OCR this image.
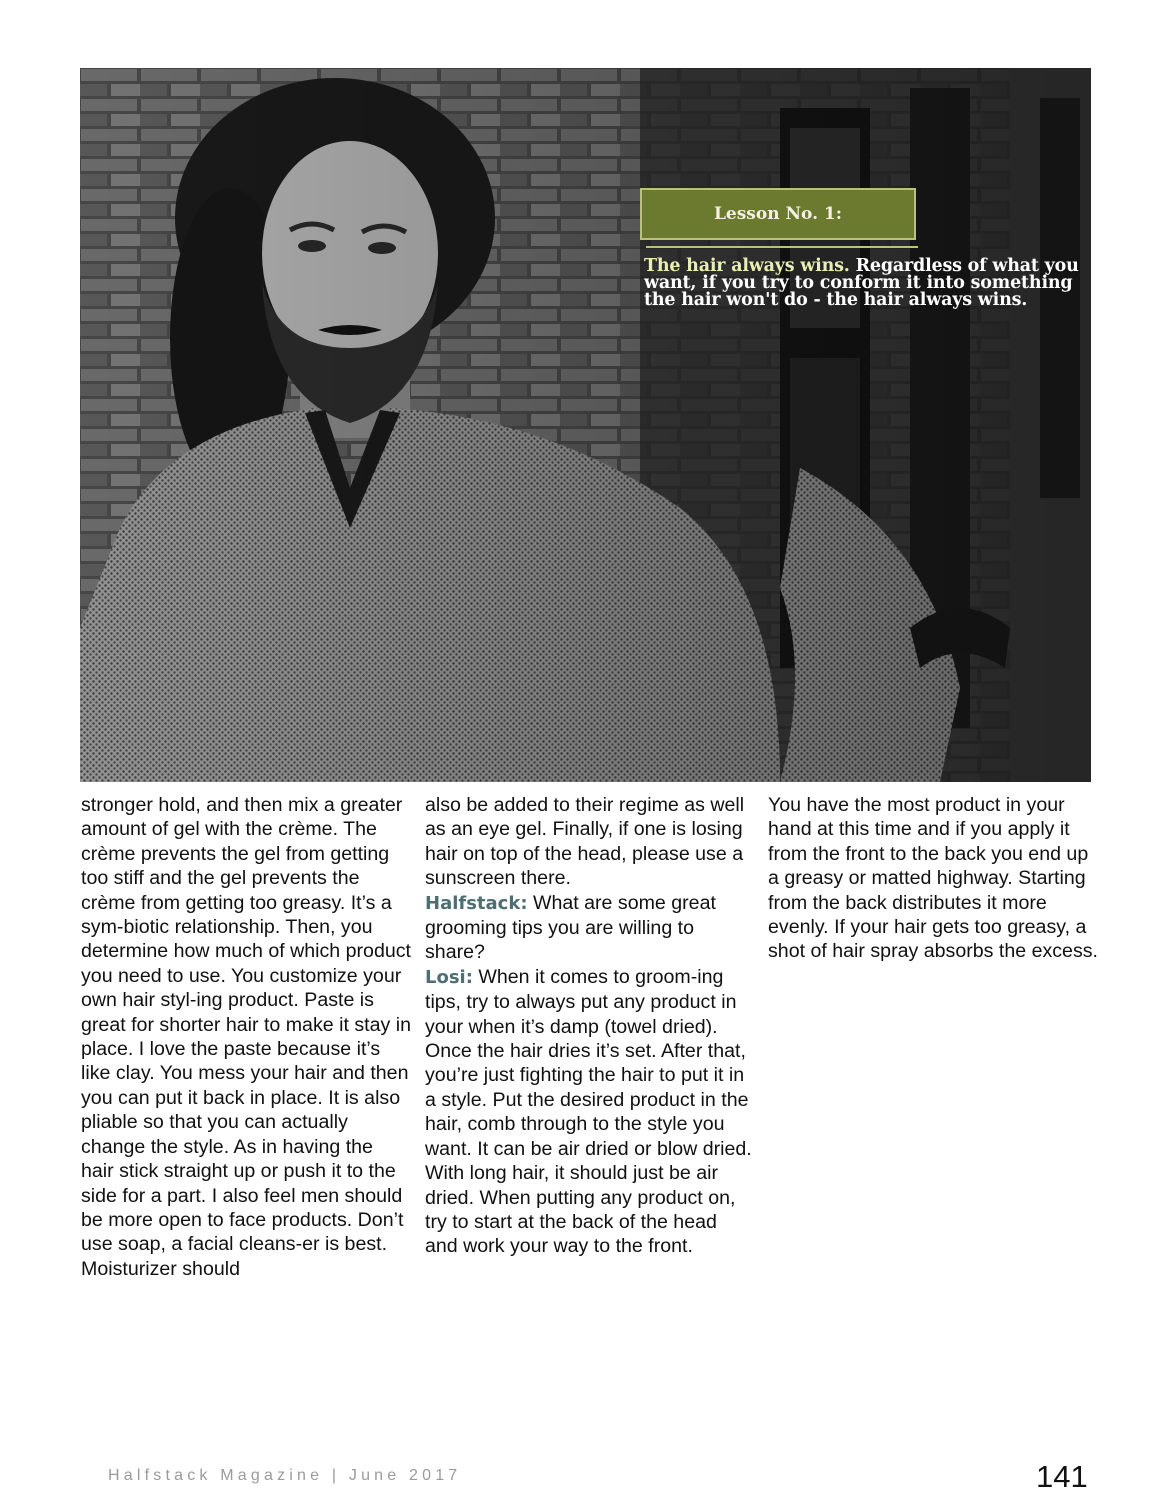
Lesson No. 1:
The hair always wins. Regardless of what you want, if you try to conform it into something the hair won't do - the hair always wins.

stronger hold, and then mix a greater amount of gel with the crème. The crème prevents the gel from getting too stiff and the gel prevents the crème from getting too greasy. It’s a sym-biotic relationship. Then, you determine how much of which product you need to use. You customize your own hair styl-ing product. Paste is great for shorter hair to make it stay in place. I love the paste because it’s like clay. You mess your hair and then you can put it back in place. It is also pliable so that you can actually change the style. As in having the hair stick straight up or push it to the side for a part. I also feel men should be more open to face products. Don’t use soap, a facial cleans-er is best. Moisturizer should

also be added to their regime as well as an eye gel. Finally, if one is losing hair on top of the head, please use a sunscreen there.

Halfstack: What are some great grooming tips you are willing to share?

Losi: When it comes to groom-ing tips, try to always put any product in your when it’s damp (towel dried). Once the hair dries it’s set. After that, you’re just fighting the hair to put it in a style. Put the desired product in the hair, comb through to the style you want. It can be air dried or blow dried. With long hair, it should just be air dried. When putting any product on, try to start at the back of the head and work your way to the front.

You have the most product in your hand at this time and if you apply it from the front to the back you end up a greasy or matted highway. Starting from the back distributes it more evenly. If your hair gets too greasy, a shot of hair spray absorbs the excess.

Halfstack Magazine | June 2017	141
